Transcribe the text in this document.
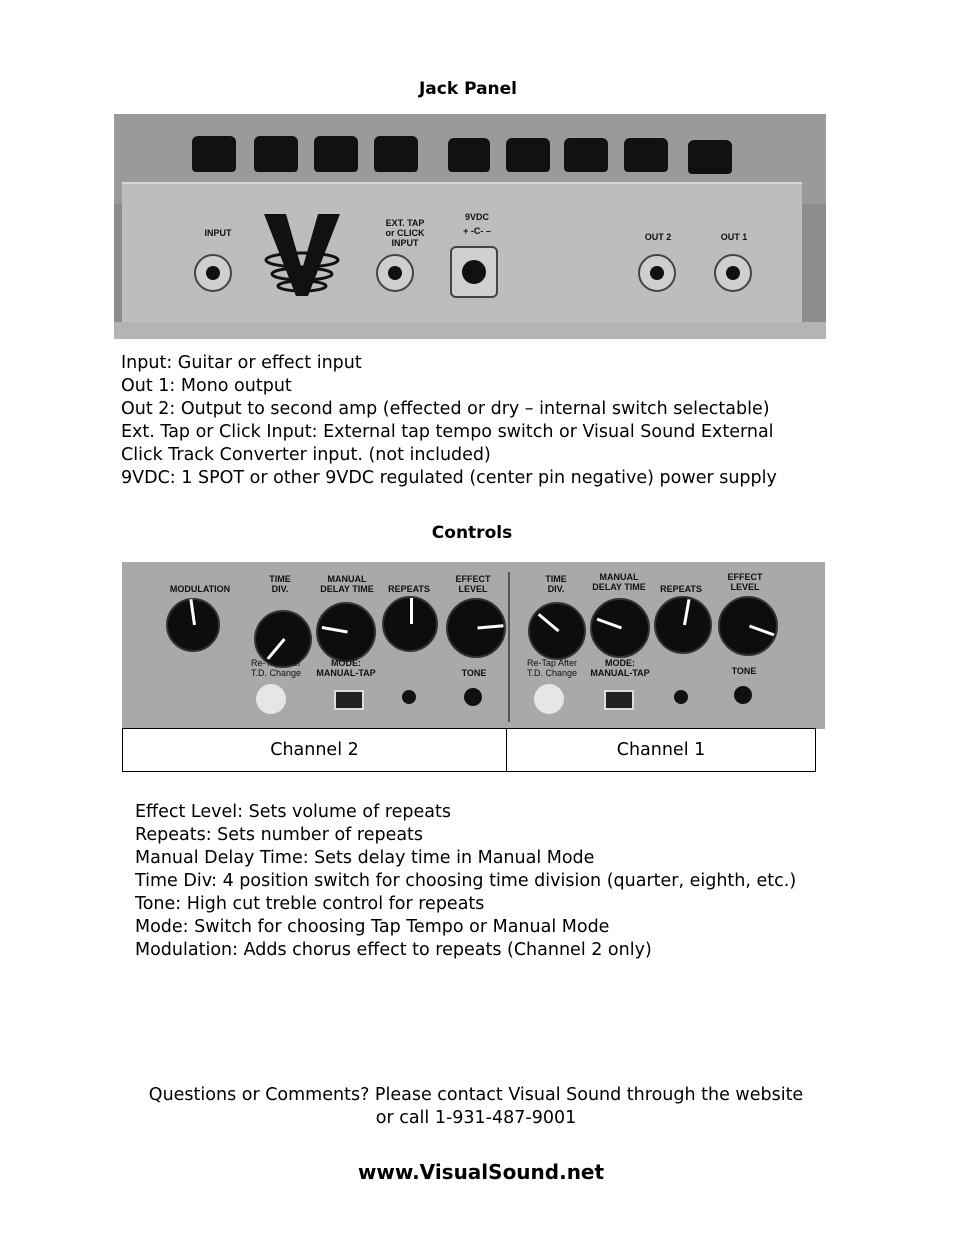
Jack Panel
INPUT
EXT. TAP
or CLICK
INPUT
9VDC
+ -C- –
OUT 2	OUT 1
Input: Guitar or effect input
Out 1: Mono output
Out 2: Output to second amp (effected or dry – internal switch selectable)
Ext. Tap or Click Input: External tap tempo switch or Visual Sound External
Click Track Converter input. (not included)
9VDC: 1 SPOT or other 9VDC regulated (center pin negative) power supply
Controls
MODULATION
TIME
DIV.
MANUAL
DELAY TIME	REPEATS
EFFECT
LEVEL
Re-Tap After
T.D. Change
MODE:
MANUAL-TAP	TONE
TIME
DIV.
MANUAL
DELAY TIME	REPEATS
EFFECT
LEVEL
Re-Tap After
T.D. Change
MODE:
MANUAL-TAP	TONE
Channel 2	Channel 1
Effect Level: Sets volume of repeats
Repeats: Sets number of repeats
Manual Delay Time: Sets delay time in Manual Mode
Time Div: 4 position switch for choosing time division (quarter, eighth, etc.)
Tone: High cut treble control for repeats
Mode: Switch for choosing Tap Tempo or Manual Mode
Modulation: Adds chorus effect to repeats (Channel 2 only)
Questions or Comments? Please contact Visual Sound through the website
or call 1-931-487-9001
www.VisualSound.net
